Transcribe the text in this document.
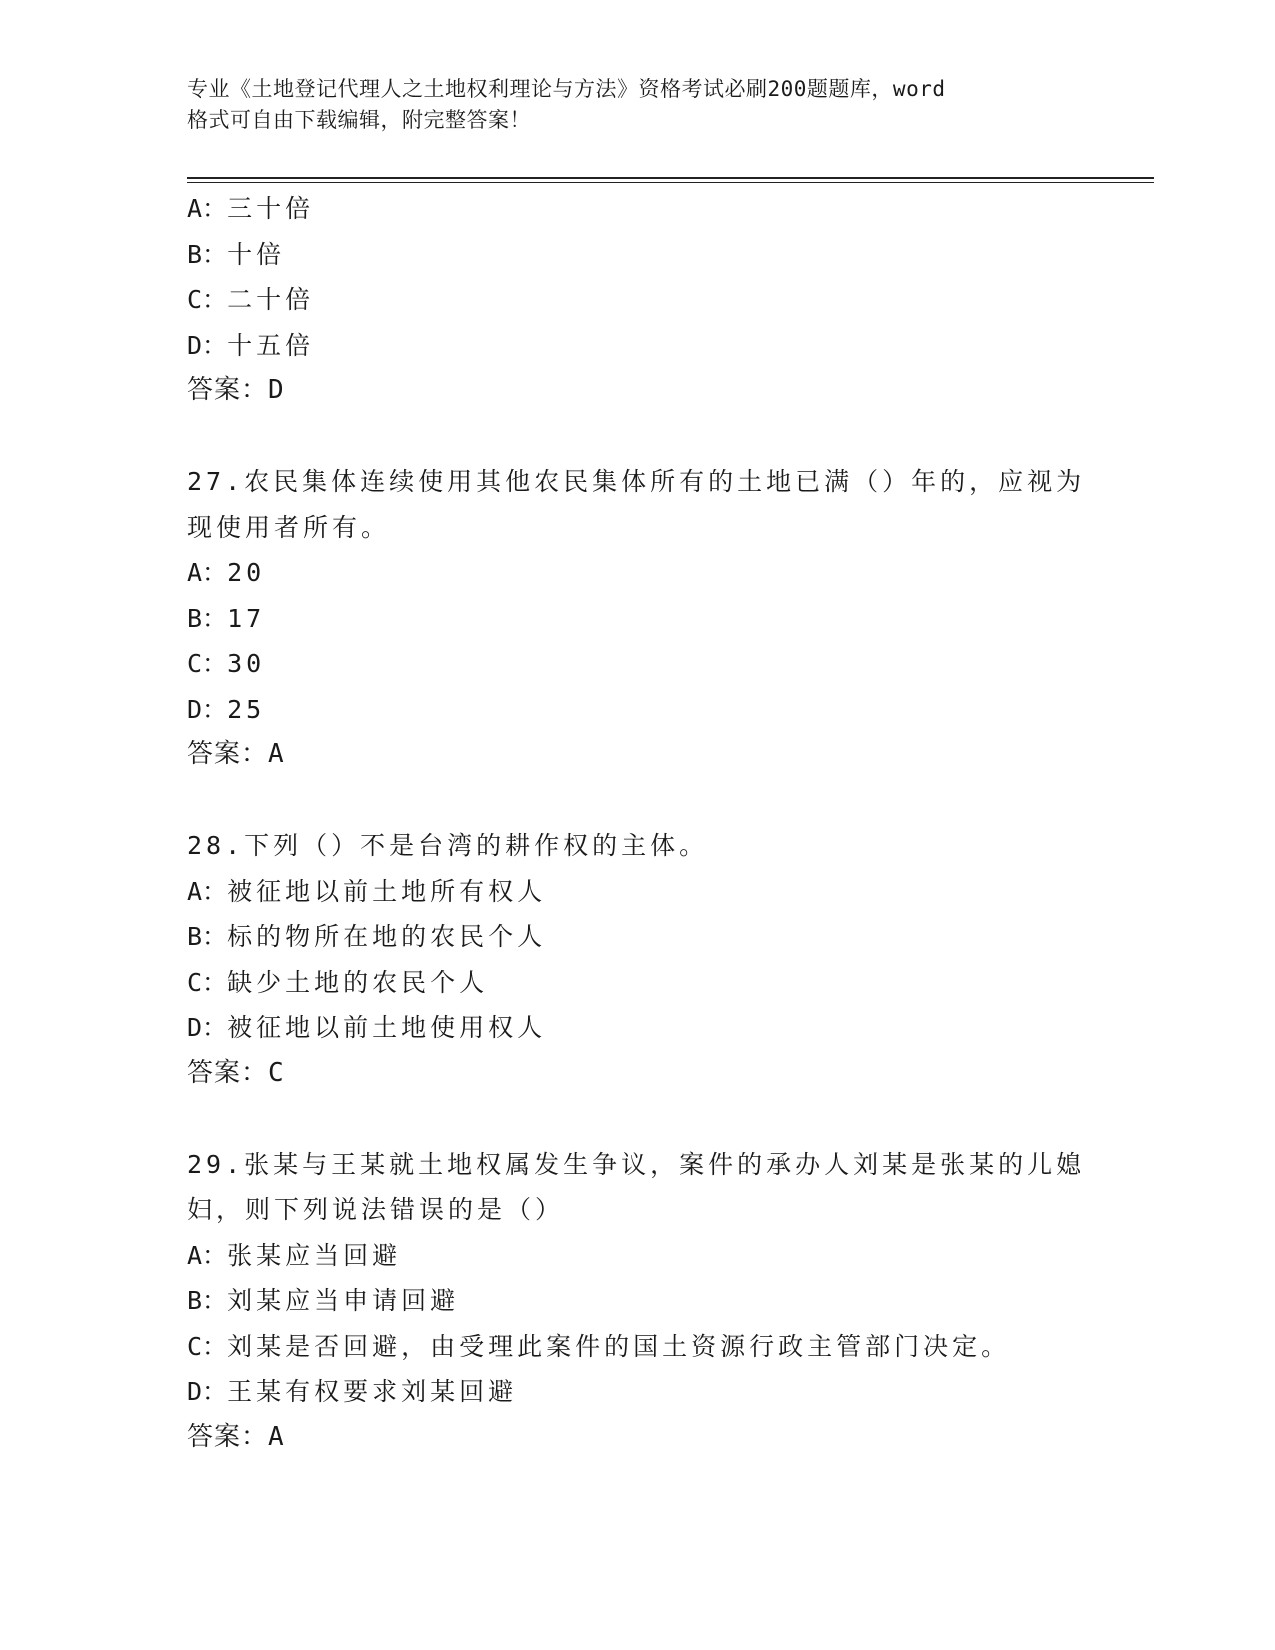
专业《土地登记代理人之土地权利理论与方法》资格考试必刷200题题库，word
格式可自由下载编辑，附完整答案！
A：三十倍
B：十倍
C：二十倍
D：十五倍
答案：D
27.农民集体连续使用其他农民集体所有的土地已满（）年的，应视为
现使用者所有。
A：20
B：17
C：30
D：25
答案：A
28.下列（）不是台湾的耕作权的主体。
A：被征地以前土地所有权人
B：标的物所在地的农民个人
C：缺少土地的农民个人
D：被征地以前土地使用权人
答案：C
29.张某与王某就土地权属发生争议，案件的承办人刘某是张某的儿媳
妇，则下列说法错误的是（）
A：张某应当回避
B：刘某应当申请回避
C：刘某是否回避，由受理此案件的国土资源行政主管部门决定。
D：王某有权要求刘某回避
答案：A
